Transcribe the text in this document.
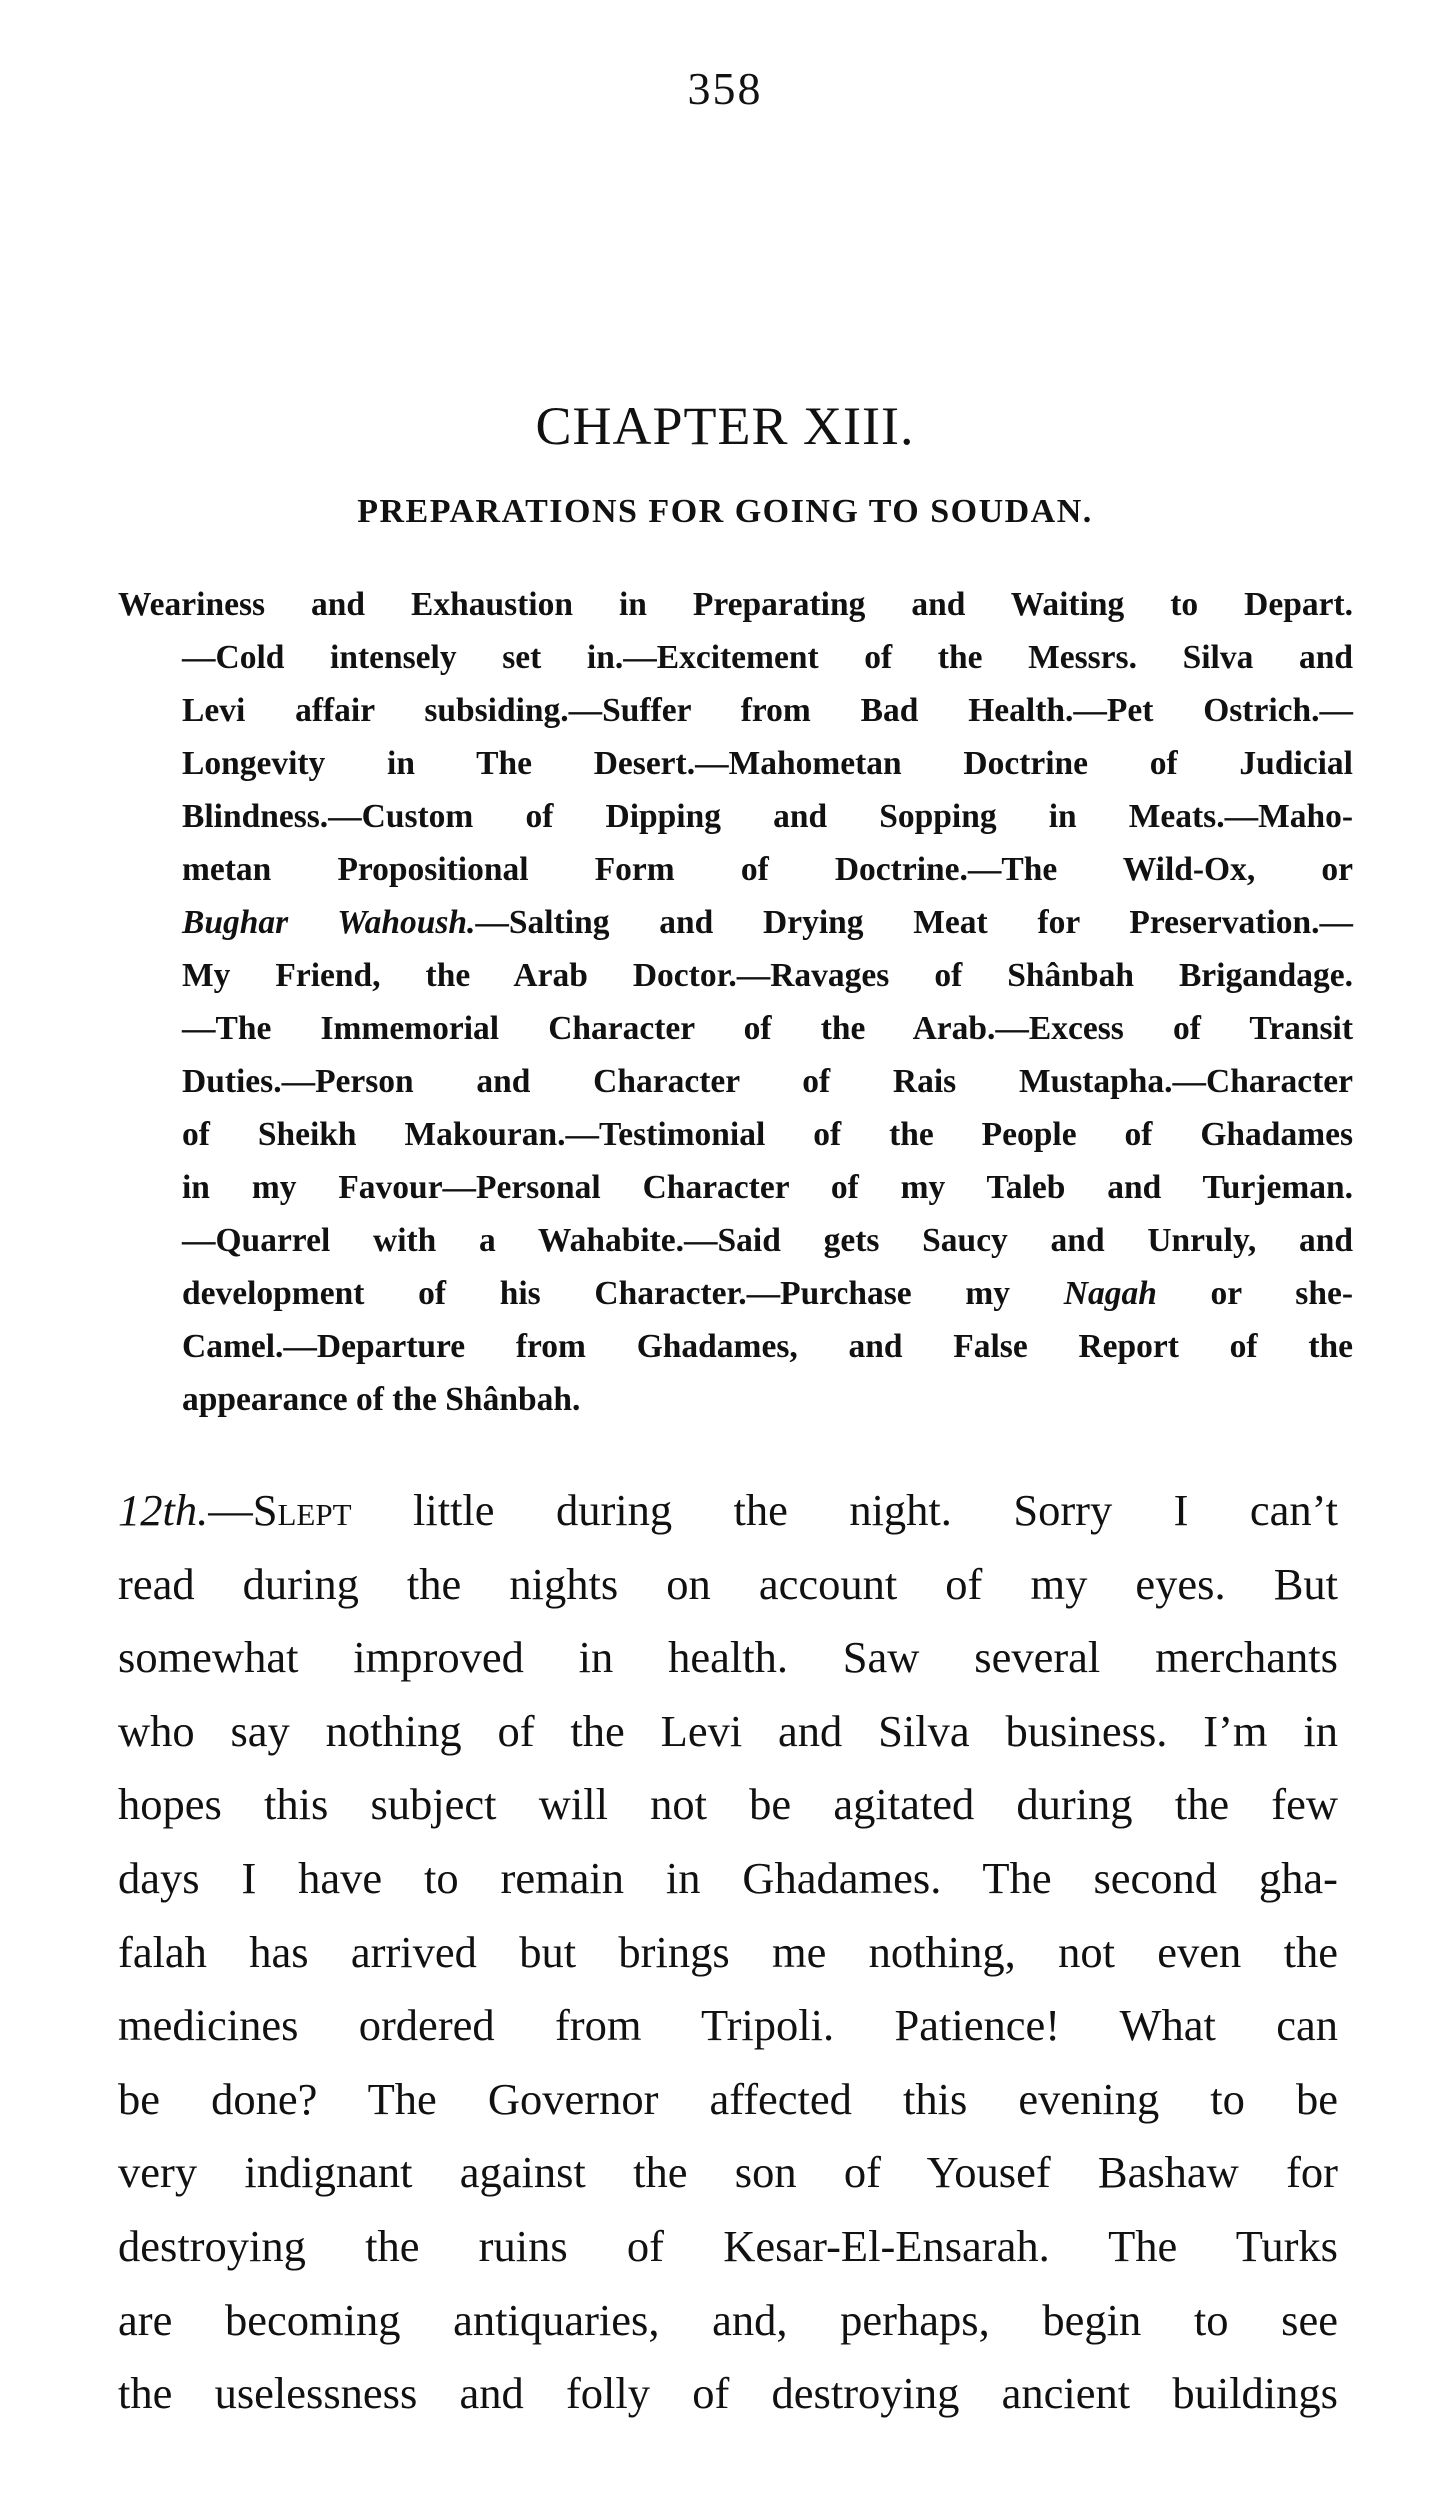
358
CHAPTER XIII.
PREPARATIONS FOR GOING TO SOUDAN.
Weariness and Exhaustion in Preparating and Waiting to Depart.
—Cold intensely set in.—Excitement of the Messrs. Silva and
Levi affair subsiding.—Suffer from Bad Health.—Pet Ostrich.—
Longevity in The Desert.—Mahometan Doctrine of Judicial
Blindness.—Custom of Dipping and Sopping in Meats.—Maho-
metan Propositional Form of Doctrine.—The Wild-Ox, or
Bughar Wahoush.—Salting and Drying Meat for Preservation.—
My Friend, the Arab Doctor.—Ravages of Shânbah Brigandage.
—The Immemorial Character of the Arab.—Excess of Transit
Duties.—Person and Character of Rais Mustapha.—Character
of Sheikh Makouran.—Testimonial of the People of Ghadames
in my Favour—Personal Character of my Taleb and Turjeman.
—Quarrel with a Wahabite.—Said gets Saucy and Unruly, and
development of his Character.—Purchase my Nagah or she-
Camel.—Departure from Ghadames, and False Report of the
appearance of the Shânbah.
12th.—Slept little during the night. Sorry I can’t
read during the nights on account of my eyes. But
somewhat improved in health. Saw several merchants
who say nothing of the Levi and Silva business. I’m in
hopes this subject will not be agitated during the few
days I have to remain in Ghadames. The second gha-
falah has arrived but brings me nothing, not even the
medicines ordered from Tripoli. Patience! What can
be done? The Governor affected this evening to be
very indignant against the son of Yousef Bashaw for
destroying the ruins of Kesar-El-Ensarah. The Turks
are becoming antiquaries, and, perhaps, begin to see
the uselessness and folly of destroying ancient buildings
